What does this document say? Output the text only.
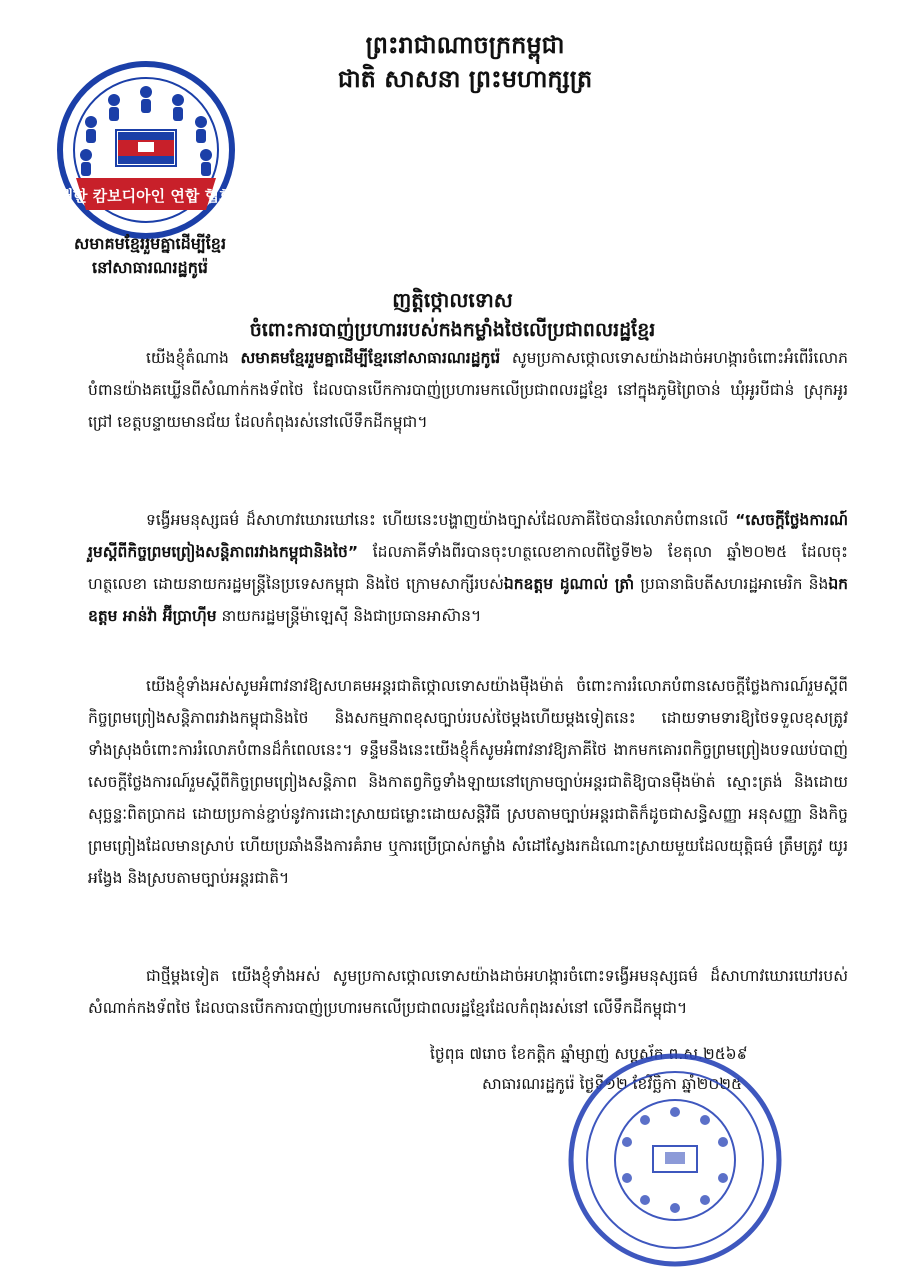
ព្រះរាជាណាចក្រកម្ពុជា
ជាតិ សាសនា ព្រះមហាក្សត្រ
재한 캄보디아인 연합 협회
សមាគមខ្មែររួមគ្នាដើម្បីខ្មែរ
នៅសាធារណរដ្ឋកូរ៉េ
ញត្តិថ្កោលទោស
ចំពោះការបាញ់ប្រហាររបស់កងកម្លាំងថៃលើប្រជាពលរដ្ឋខ្មែរ
យើងខ្ញុំតំណាង សមាគមខ្មែររួមគ្នាដើម្បីខ្មែរនៅសាធារណរដ្ឋកូរ៉េ សូមប្រកាសថ្កោលទោសយ៉ាងដាច់អហង្ការចំពោះអំពើរំលោភបំពានយ៉ាងគឃ្លើនពីសំណាក់កងទ័ពថៃ ដែលបានបើកការបាញ់ប្រហារមកលើប្រជាពលរដ្ឋខ្មែរ នៅក្នុងភូមិព្រៃចាន់ ឃុំអូរបីជាន់ ស្រុកអូរជ្រៅ ខេត្តបន្ទាយមានជ័យ ដែលកំពុងរស់នៅលើទឹកដីកម្ពុជា។
ទង្វើអមនុស្សធម៌ ដ៏សាហាវឃោរឃៅនេះ ហើយនេះបង្ហាញយ៉ាងច្បាស់ដែលភាគីថៃបានរំលោភបំពានលើ “សេចក្ដីថ្លែងការណ៍រួមស្ដីពីកិច្ចព្រមព្រៀងសន្តិភាពរវាងកម្ពុជានិងថៃ” ដែលភាគីទាំងពីរបានចុះហត្ថលេខាកាលពីថ្ងៃទី២៦ ខែតុលា ឆ្នាំ២០២៥ ដែលចុះហត្ថលេខា ដោយនាយករដ្ឋមន្ត្រីនៃប្រទេសកម្ពុជា និងថៃ ក្រោមសាក្សីរបស់ឯកឧត្តម ដូណាល់ ត្រាំ ប្រធានាធិបតីសហរដ្ឋអាមេរិក និងឯកឧត្តម អាន់វ៉ា អ៊ីប្រាហ៊ីម នាយករដ្ឋមន្ត្រីម៉ាឡេស៊ី និងជាប្រធានអាស៊ាន។
យើងខ្ញុំទាំងអស់សូមអំពាវនាវឱ្យសហគមអន្តរជាតិថ្កោលទោសយ៉ាងម៉ឺងម៉ាត់ ចំពោះការរំលោភបំពានសេចក្ដីថ្លែងការណ៍រួមស្ដីពី កិច្ចព្រមព្រៀងសន្តិភាពរវាងកម្ពុជានិងថៃ និងសកម្មភាពខុសច្បាប់របស់ថៃម្ដងហើយម្ដងទៀតនេះ ដោយទាមទារឱ្យថៃទទួលខុសត្រូវទាំងស្រុងចំពោះការរំលោភបំពានដ៏កំពេលនេះ។ ទន្ទឹមនឹងនេះយើងខ្ញុំក៏សូមអំពាវនាវឱ្យភាគីថៃ ងាកមកគោរពកិច្ចព្រមព្រៀងបទឈប់បាញ់ សេចក្ដីថ្លែងការណ៍រួមស្ដីពីកិច្ចព្រមព្រៀងសន្តិភាព និងកាតព្វកិច្ចទាំងឡាយនៅក្រោមច្បាប់អន្តរជាតិឱ្យបានម៉ឺងម៉ាត់ ស្មោះត្រង់ និងដោយសុច្ឆន្ទៈពិតប្រាកដ ដោយប្រកាន់ខ្ជាប់នូវការដោះស្រាយជម្លោះដោយសន្តិវិធី ស្របតាមច្បាប់អន្តរជាតិក៏ដូចជាសន្ធិសញ្ញា អនុសញ្ញា និងកិច្ចព្រមព្រៀងដែលមានស្រាប់ ហើយប្រឆាំងនឹងការគំរាម ឬការប្រើប្រាស់កម្លាំង សំដៅស្វែងរកដំណោះស្រាយមួយដែលយុត្តិធម៌ ត្រឹមត្រូវ យូរអង្វែង និងស្របតាមច្បាប់អន្តរជាតិ។
ជាថ្មីម្ដងទៀត យើងខ្ញុំទាំងអស់ សូមប្រកាសថ្កោលទោសយ៉ាងដាច់អហង្ការចំពោះទង្វើអមនុស្សធម៌ ដ៏សាហាវឃោរឃៅរបស់សំណាក់កងទ័ពថៃ ដែលបានបើកការបាញ់ប្រហារមកលើប្រជាពលរដ្ឋខ្មែរដែលកំពុងរស់នៅ លើទឹកដីកម្ពុជា។
ថ្ងៃពុធ ៧រោច ខែកត្តិក ឆ្នាំម្សាញ់ សប្តស័ក ព.ស.២៥៦៩
សាធារណរដ្ឋកូរ៉េ ថ្ងៃទី១២ ខែវិច្ឆិកា ឆ្នាំ២០២៥
